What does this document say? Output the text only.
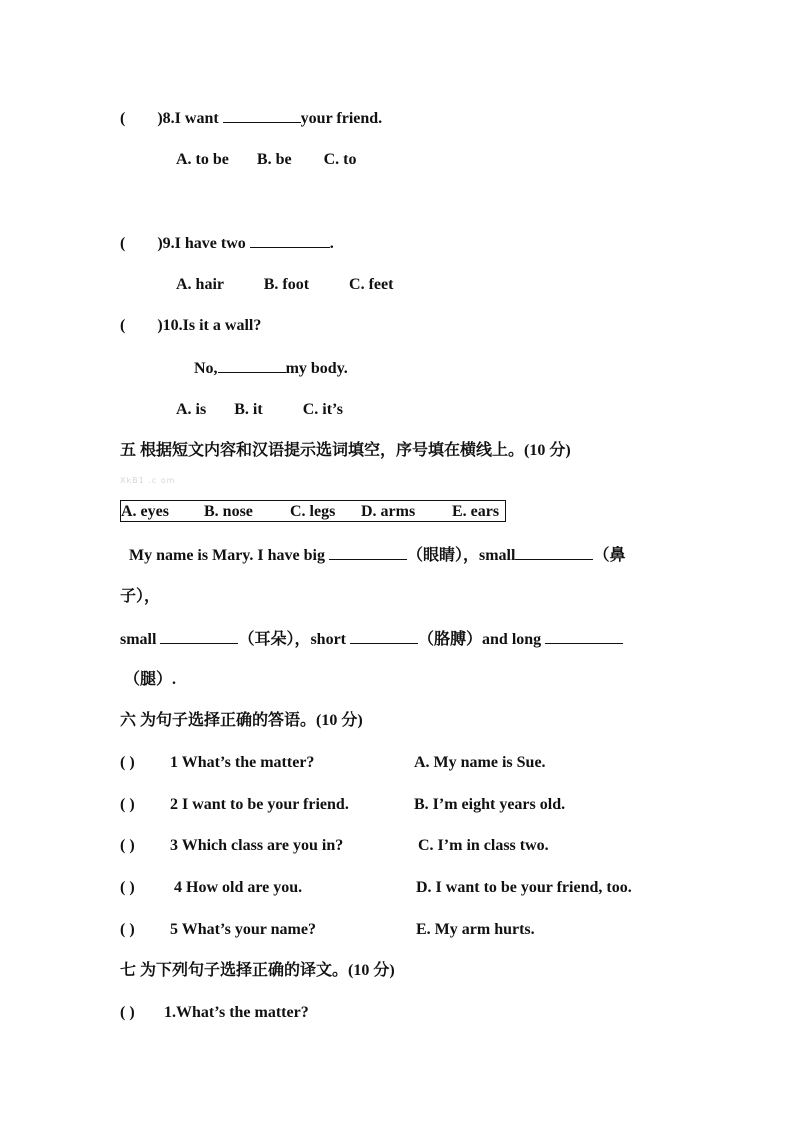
(        )8.I want	your friend.
A. to be B. be C. to
(        )9.I have two	.
A. hair	B. foot	C. feet
(        )10.Is it a wall?
No,	my body.
A. is B. it	C. it’s
五 根据短文内容和汉语提示选词填空，序号填在横线上。(10 分)
XkB1 .c om
A. eyes B. nose C. legs D. arms E. ears
My name is Mary. I have big	（眼睛），small	（鼻
子），
small	（耳朵），short	（胳膊）and long
（腿）.
六 为句子选择正确的答语。(10 分)
( ) 1 What’s the matter?	A. My name is Sue.
( ) 2 I want to be your friend.	B. I’m eight years old.
( ) 3 Which class are you in?	C. I’m in class two.
( ) 4 How old are you.	D. I want to be your friend, too.
( ) 5 What’s your name?	E. My arm hurts.
七 为下列句子选择正确的译文。(10 分)
( ) 1.What’s the matter?
